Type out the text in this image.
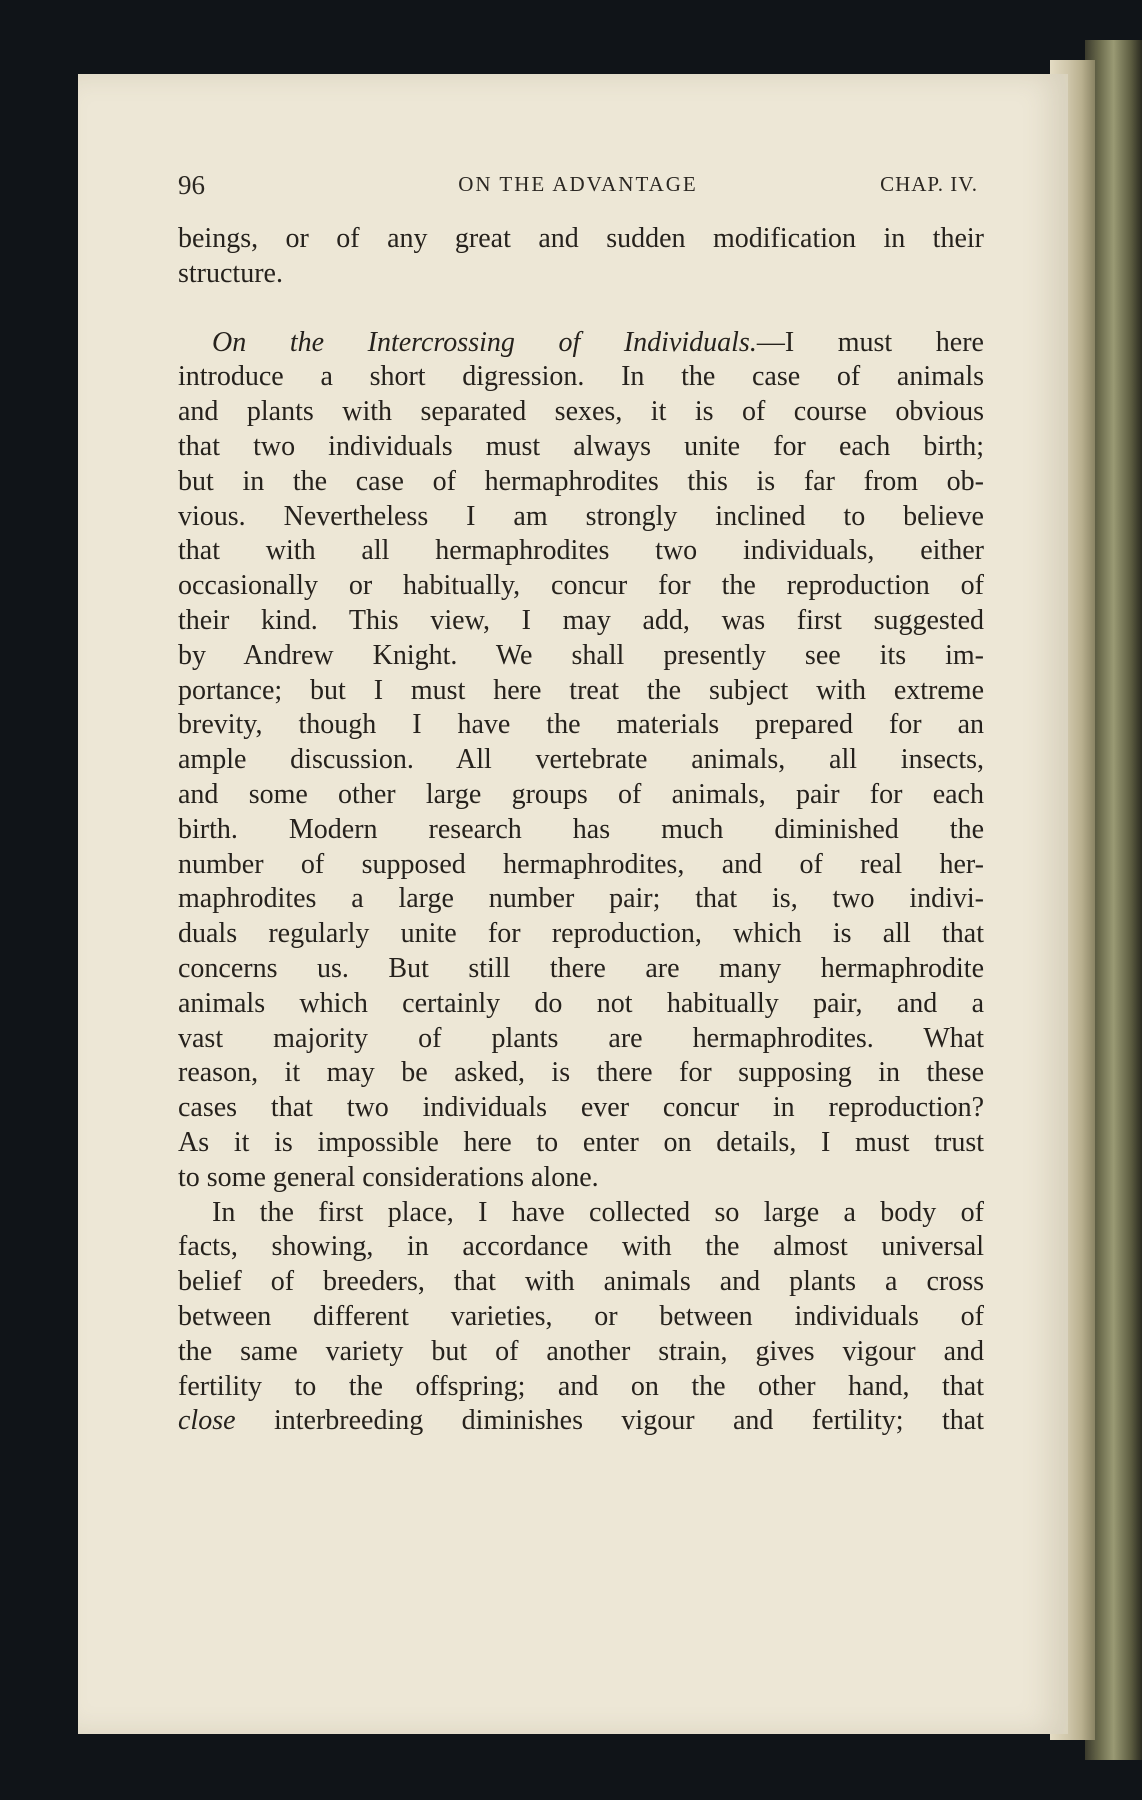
96	ON THE ADVANTAGE	CHAP. IV.
beings, or of any great and sudden modification in their
structure.
On the Intercrossing of Individuals.—I must here
introduce a short digression. In the case of animals
and plants with separated sexes, it is of course obvious
that two individuals must always unite for each birth;
but in the case of hermaphrodites this is far from ob-
vious. Nevertheless I am strongly inclined to believe
that with all hermaphrodites two individuals, either
occasionally or habitually, concur for the reproduction of
their kind. This view, I may add, was first suggested
by Andrew Knight. We shall presently see its im-
portance; but I must here treat the subject with extreme
brevity, though I have the materials prepared for an
ample discussion. All vertebrate animals, all insects,
and some other large groups of animals, pair for each
birth. Modern research has much diminished the
number of supposed hermaphrodites, and of real her-
maphrodites a large number pair; that is, two indivi-
duals regularly unite for reproduction, which is all that
concerns us. But still there are many hermaphrodite
animals which certainly do not habitually pair, and a
vast majority of plants are hermaphrodites. What
reason, it may be asked, is there for supposing in these
cases that two individuals ever concur in reproduction?
As it is impossible here to enter on details, I must trust
to some general considerations alone.
In the first place, I have collected so large a body of
facts, showing, in accordance with the almost universal
belief of breeders, that with animals and plants a cross
between different varieties, or between individuals of
the same variety but of another strain, gives vigour and
fertility to the offspring; and on the other hand, that
close interbreeding diminishes vigour and fertility; that
